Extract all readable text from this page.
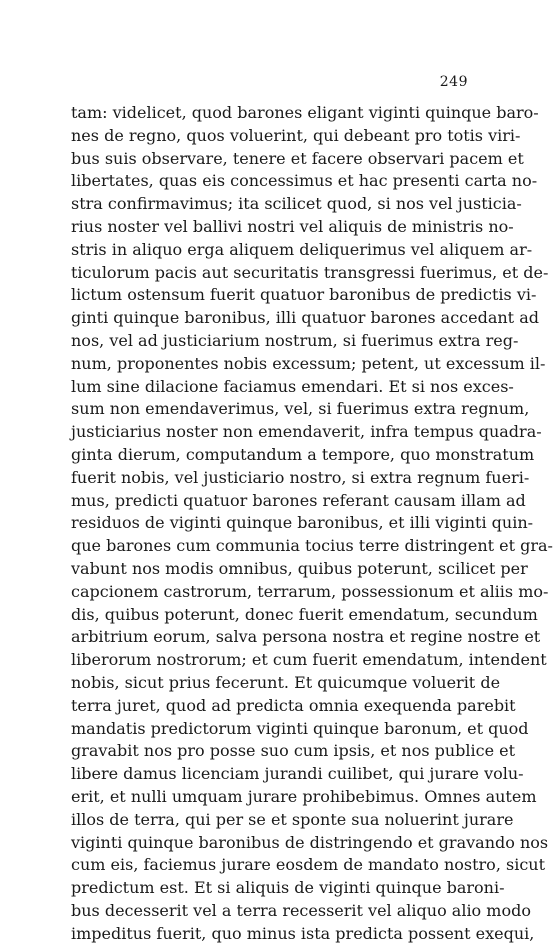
249
tam: videlicet, quod barones eligant viginti quinque baro-
nes de regno, quos voluerint, qui debeant pro totis viri-
bus suis observare, tenere et facere observari pacem et
libertates, quas eis concessimus et hac presenti carta no-
stra confirmavimus; ita scilicet quod, si nos vel justicia-
rius noster vel ballivi nostri vel aliquis de ministris no-
stris in aliquo erga aliquem deliquerimus vel aliquem ar-
ticulorum pacis aut securitatis transgressi fuerimus, et de-
lictum ostensum fuerit quatuor baronibus de predictis vi-
ginti quinque baronibus, illi quatuor barones accedant ad
nos, vel ad justiciarium nostrum, si fuerimus extra reg-
num, proponentes nobis excessum; petent, ut excessum il-
lum sine dilacione faciamus emendari. Et si nos exces-
sum non emendaverimus, vel, si fuerimus extra regnum,
justiciarius noster non emendaverit, infra tempus quadra-
ginta dierum, computandum a tempore, quo monstratum
fuerit nobis, vel justiciario nostro, si extra regnum fueri-
mus, predicti quatuor barones referant causam illam ad
residuos de viginti quinque baronibus, et illi viginti quin-
que barones cum communia tocius terre distringent et gra-
vabunt nos modis omnibus, quibus poterunt, scilicet per
capcionem castrorum, terrarum, possessionum et aliis mo-
dis, quibus poterunt, donec fuerit emendatum, secundum
arbitrium eorum, salva persona nostra et regine nostre et
liberorum nostrorum; et cum fuerit emendatum, intendent
nobis, sicut prius fecerunt. Et quicumque voluerit de
terra juret, quod ad predicta omnia exequenda parebit
mandatis predictorum viginti quinque baronum, et quod
gravabit nos pro posse suo cum ipsis, et nos publice et
libere damus licenciam jurandi cuilibet, qui jurare volu-
erit, et nulli umquam jurare prohibebimus. Omnes autem
illos de terra, qui per se et sponte sua noluerint jurare
viginti quinque baronibus de distringendo et gravando nos
cum eis, faciemus jurare eosdem de mandato nostro, sicut
predictum est. Et si aliquis de viginti quinque baroni-
bus decesserit vel a terra recesserit vel aliquo alio modo
impeditus fuerit, quo minus ista predicta possent exequi,
